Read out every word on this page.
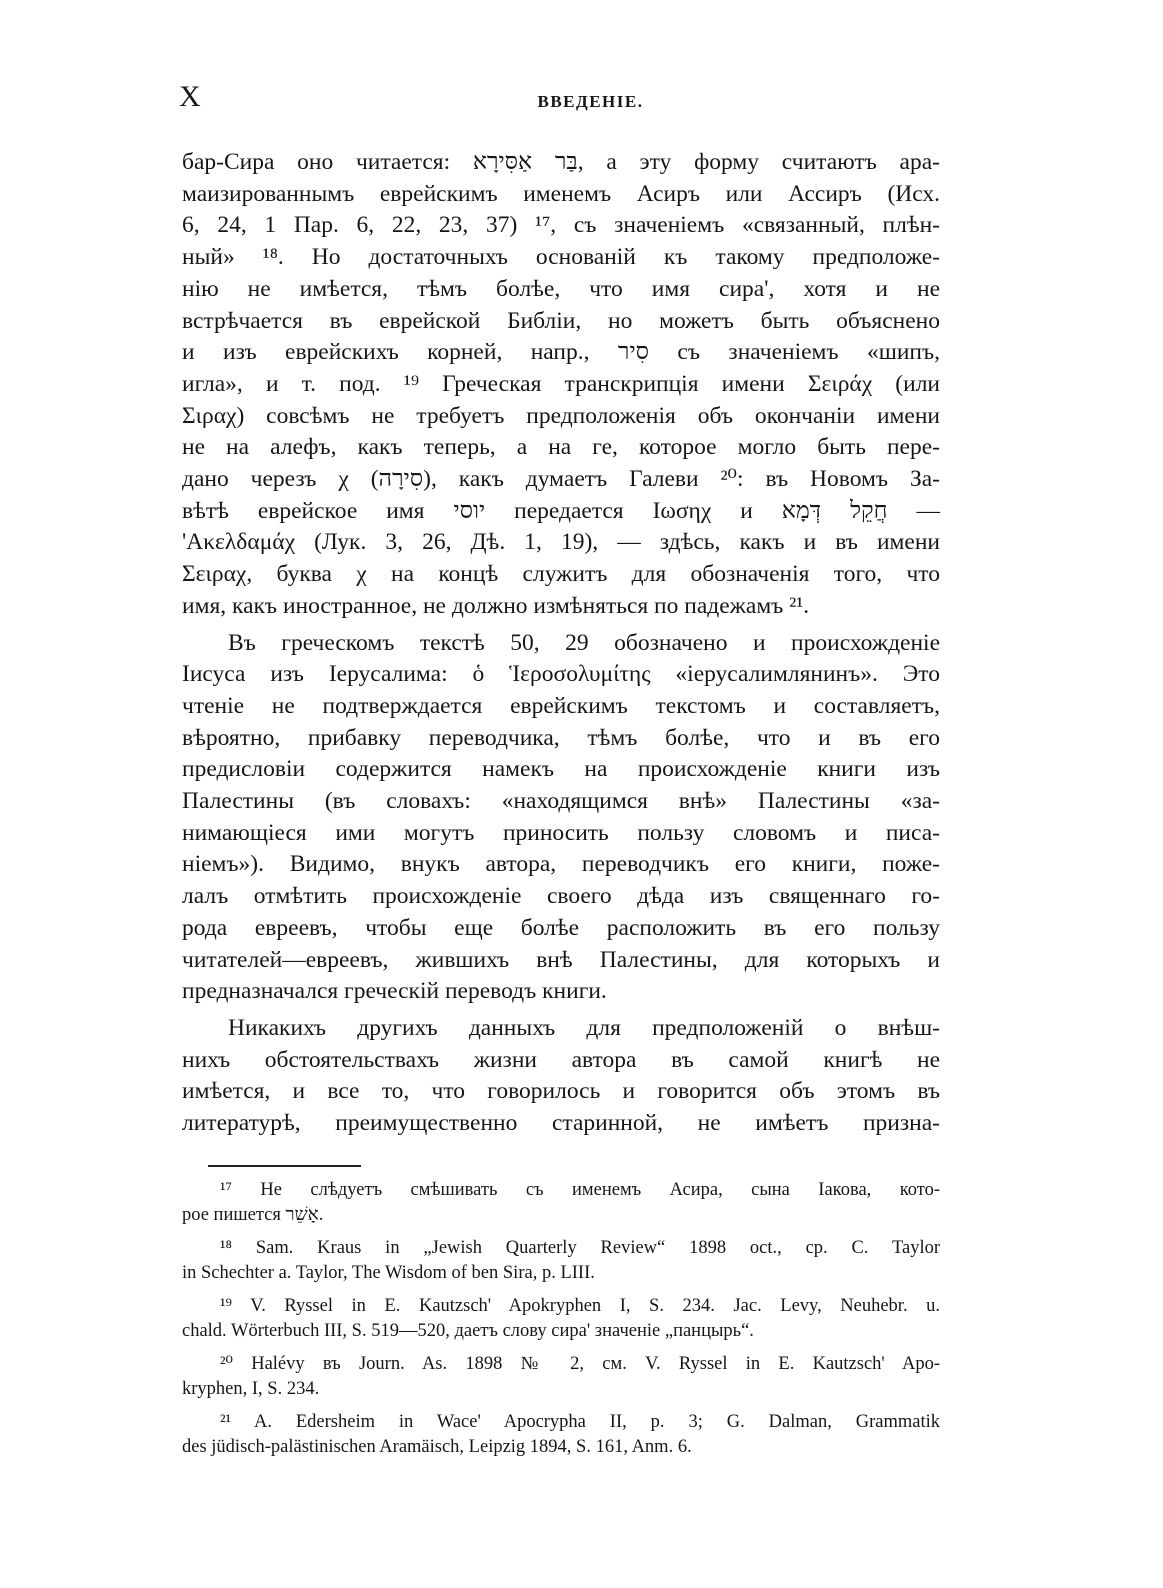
X	ВВЕДЕНІЕ.
бар-Сира оно читается: בַּר אַסִּירָא, а эту форму считаютъ ара-
маизированнымъ еврейскимъ именемъ Асиръ или Ассиръ (Исх.
6, 24, 1 Пар. 6, 22, 23, 37) ¹⁷, съ значеніемъ «связанный, плѣн-
ный» ¹⁸. Но достаточныхъ основаній къ такому предположе-
нію не имѣется, тѣмъ болѣе, что имя сира', хотя и не
встрѣчается въ еврейской Библіи, но можетъ быть объяснено
и изъ еврейскихъ корней, напр., סִיר съ значеніемъ «шипъ,
игла», и т. под. ¹⁹ Греческая транскрипція имени Σειράχ (или
Σιραχ) совсѣмъ не требуетъ предположенія объ окончаніи имени
не на алефъ, какъ теперь, а на ге, которое могло быть пере-
дано черезъ χ (סִירָה), какъ думаетъ Галеви ²⁰: въ Новомъ За-
вѣтѣ еврейское имя יוסי передается Ιωσηχ и חֲקֵל דְּמָא —
'Ακελδαμάχ (Лук. 3, 26, Дѣ. 1, 19), — здѣсь, какъ и въ имени
Σειραχ, буква χ на концѣ служитъ для обозначенія того, что
имя, какъ иностранное, не должно измѣняться по падежамъ ²¹.
Въ греческомъ текстѣ 50, 29 обозначено и происхожденіе
Іисуса изъ Іерусалима: ὁ Ἱεροσολυμίτης «іерусалимлянинъ». Это
чтеніе не подтверждается еврейскимъ текстомъ и составляетъ,
вѣроятно, прибавку переводчика, тѣмъ болѣе, что и въ его
предисловіи содержится намекъ на происхожденіе книги изъ
Палестины (въ словахъ: «находящимся внѣ» Палестины «за-
нимающіеся ими могутъ приносить пользу словомъ и писа-
ніемъ»). Видимо, внукъ автора, переводчикъ его книги, поже-
лалъ отмѣтить происхожденіе своего дѣда изъ священнаго го-
рода евреевъ, чтобы еще болѣе расположить въ его пользу
читателей—евреевъ, жившихъ внѣ Палестины, для которыхъ и
предназначался греческій переводъ книги.
Никакихъ другихъ данныхъ для предположеній о внѣш-
нихъ обстоятельствахъ жизни автора въ самой книгѣ не
имѣется, и все то, что говорилось и говорится объ этомъ въ
литературѣ, преимущественно старинной, не имѣетъ призна-
¹⁷ Не слѣдуетъ смѣшивать съ именемъ Асира, сына Іакова, кото-
рое пишется אָשֵׁר.
¹⁸ Sam. Kraus in „Jewish Quarterly Review“ 1898 oct., ср. C. Taylor
in Schechter a. Taylor, The Wisdom of ben Sira, p. LIII.
¹⁹ V. Ryssel in E. Kautzsch' Apokryphen I, S. 234. Jac. Levy, Neuhebr. u.
chald. Wörterbuch III, S. 519—520, даетъ слову сира' значеніе „панцырь“.
²⁰ Halévy въ Journ. As. 1898 № 2, см. V. Ryssel in E. Kautzsch' Apo-
kryphen, I, S. 234.
²¹ A. Edersheim in Wace' Apocrypha II, p. 3; G. Dalman, Grammatik
des jüdisch-palästinischen Aramäisch, Leipzig 1894, S. 161, Anm. 6.
